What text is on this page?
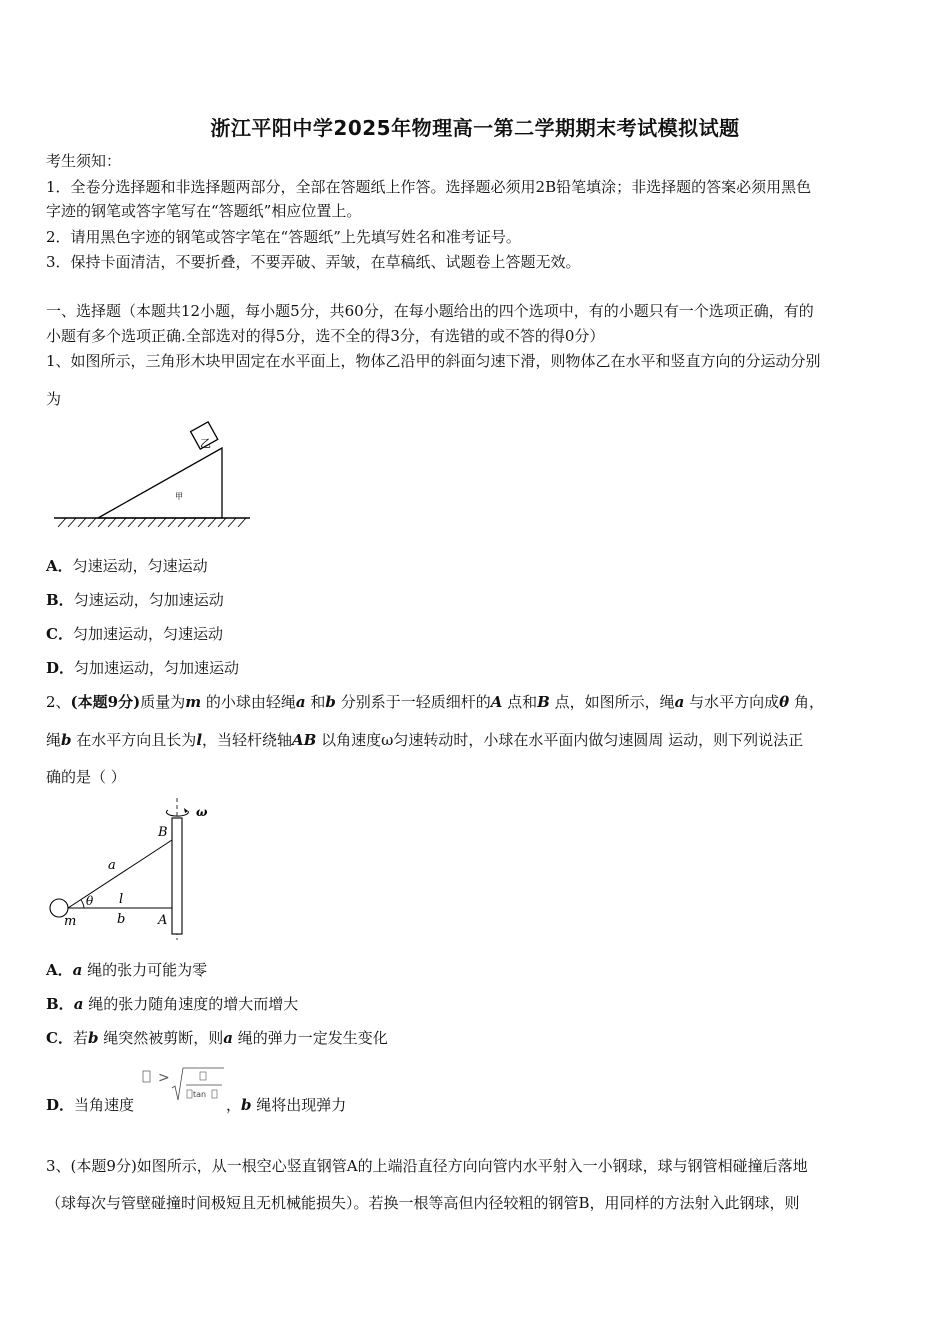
浙江平阳中学2025年物理高一第二学期期末考试模拟试题
考生须知：
1．全卷分选择题和非选择题两部分，全部在答题纸上作答。选择题必须用2B铅笔填涂；非选择题的答案必须用黑色
字迹的钢笔或答字笔写在“答题纸”相应位置上。
2．请用黑色字迹的钢笔或答字笔在“答题纸”上先填写姓名和准考证号。
3．保持卡面清洁，不要折叠，不要弄破、弄皱，在草稿纸、试题卷上答题无效。
一、选择题（本题共12小题，每小题5分，共60分，在每小题给出的四个选项中，有的小题只有一个选项正确，有的
小题有多个选项正确.全部选对的得5分，选不全的得3分，有选错的或不答的得0分）
1、如图所示，三角形木块甲固定在水平面上，物体乙沿甲的斜面匀速下滑，则物体乙在水平和竖直方向的分运动分别
为
乙
甲
A．匀速运动，匀速运动
B．匀速运动，匀加速运动
C．匀加速运动，匀速运动
D．匀加速运动，匀加速运动
2、(本题9分)质量为m 的小球由轻绳a 和b 分别系于一轻质细杆的A 点和B 点，如图所示，绳a 与水平方向成θ 角，
绳b 在水平方向且长为l，当轻杆绕轴AB 以角速度ω匀速转动时，小球在水平面内做匀速圆周 运动，则下列说法正
确的是（ ）
ω
B
a
θ l
m	b	A
A．a 绳的张力可能为零
B．a 绳的张力随角速度的增大而增大
C．若b 绳突然被剪断，则a 绳的弹力一定发生变化
D．当角速度
>
tan
，b 绳将出现弹力
3、(本题9分)如图所示，从一根空心竖直钢管A的上端沿直径方向向管内水平射入一小钢球，球与钢管相碰撞后落地
（球每次与管壁碰撞时间极短且无机械能损失）。若换一根等高但内径较粗的钢管B，用同样的方法射入此钢球，则
